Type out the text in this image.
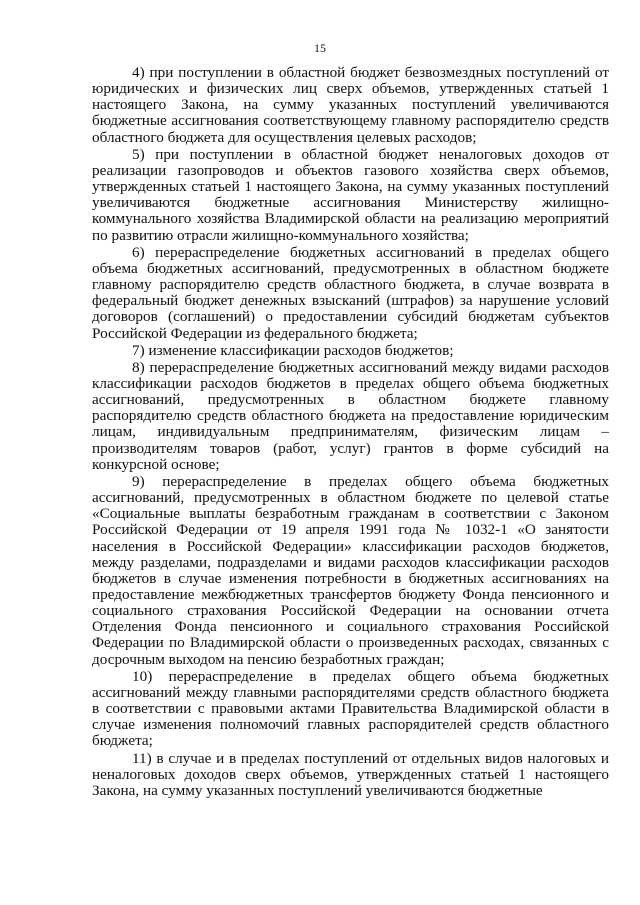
15

4) при поступлении в областной бюджет безвозмездных поступлений от юридических и физических лиц сверх объемов, утвержденных статьей 1 настоящего Закона, на сумму указанных поступлений увеличиваются бюджетные ассигнования соответствующему главному распорядителю средств областного бюджета для осуществления целевых расходов;

5) при поступлении в областной бюджет неналоговых доходов от реализации газопроводов и объектов газового хозяйства сверх объемов, утвержденных статьей 1 настоящего Закона, на сумму указанных поступлений увеличиваются бюджетные ассигнования Министерству жилищно-коммунального хозяйства Владимирской области на реализацию мероприятий по развитию отрасли жилищно-коммунального хозяйства;

6) перераспределение бюджетных ассигнований в пределах общего объема бюджетных ассигнований, предусмотренных в областном бюджете главному распорядителю средств областного бюджета, в случае возврата в федеральный бюджет денежных взысканий (штрафов) за нарушение условий договоров (соглашений) о предоставлении субсидий бюджетам субъектов Российской Федерации из федерального бюджета;

7) изменение классификации расходов бюджетов;

8) перераспределение бюджетных ассигнований между видами расходов классификации расходов бюджетов в пределах общего объема бюджетных ассигнований, предусмотренных в областном бюджете главному распорядителю средств областного бюджета на предоставление юридическим лицам, индивидуальным предпринимателям, физическим лицам – производителям товаров (работ, услуг) грантов в форме субсидий на конкурсной основе;

9) перераспределение в пределах общего объема бюджетных ассигнований, предусмотренных в областном бюджете по целевой статье «Социальные выплаты безработным гражданам в соответствии с Законом Российской Федерации от 19 апреля 1991 года № 1032-1 «О занятости населения в Российской Федерации» классификации расходов бюджетов, между разделами, подразделами и видами расходов классификации расходов бюджетов в случае изменения потребности в бюджетных ассигнованиях на предоставление межбюджетных трансфертов бюджету Фонда пенсионного и социального страхования Российской Федерации на основании отчета Отделения Фонда пенсионного и социального страхования Российской Федерации по Владимирской области о произведенных расходах, связанных с досрочным выходом на пенсию безработных граждан;

10) перераспределение в пределах общего объема бюджетных ассигнований между главными распорядителями средств областного бюджета в соответствии с правовыми актами Правительства Владимирской области в случае изменения полномочий главных распорядителей средств областного бюджета;

11) в случае и в пределах поступлений от отдельных видов налоговых и неналоговых доходов сверх объемов, утвержденных статьей 1 настоящего Закона, на сумму указанных поступлений увеличиваются бюджетные
